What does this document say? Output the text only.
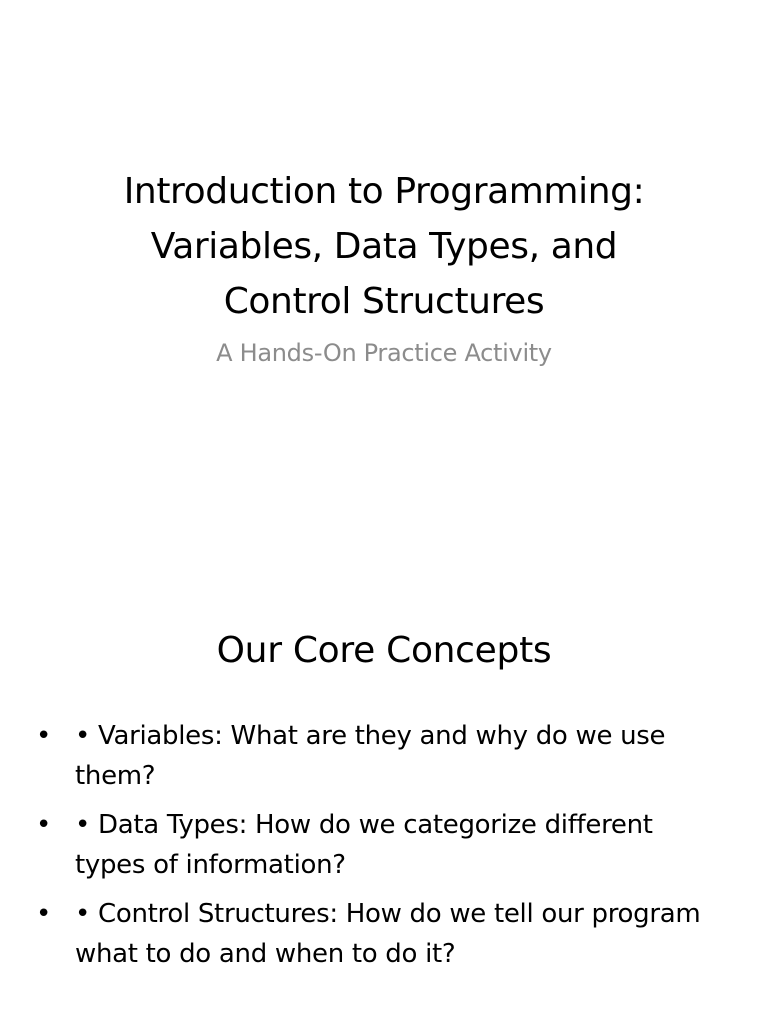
Introduction to Programming:
Variables, Data Types, and
Control Structures
A Hands-On Practice Activity
Our Core Concepts
• • Variables: What are they and why do we use them?
• • Data Types: How do we categorize different types of information?
• • Control Structures: How do we tell our program what to do and when to do it?
